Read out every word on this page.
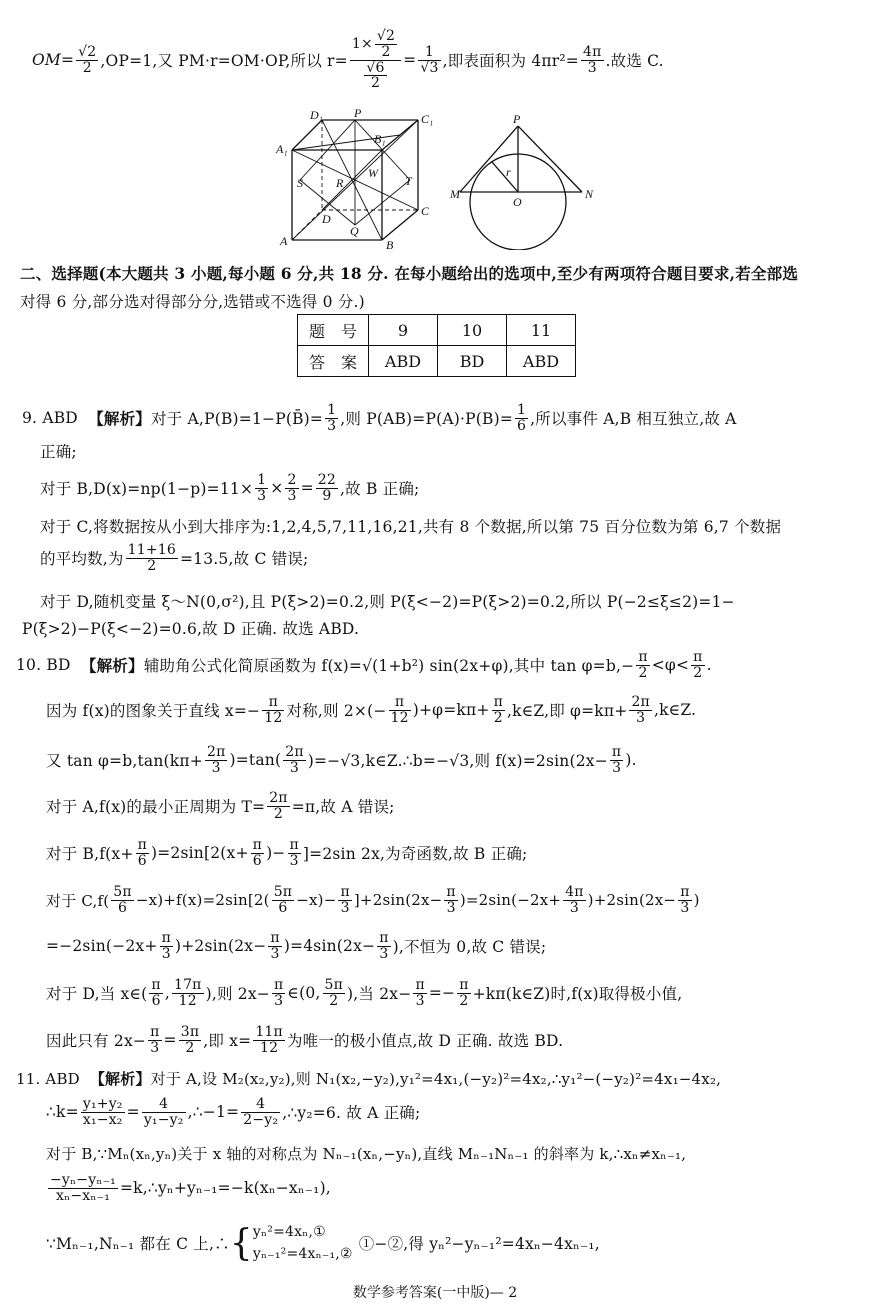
$OM= \frac{√2}{2} ,OP=1$,又 PM·r=OM·OP,所以 $r= \frac{1\times \frac{√2}{2}}{\frac{√6}{2}} = \frac{1}{√3}$ ,即表面积为 $4\pi r^2= \frac{4\pi}{3}$ .故选 C.
D₁	P	C₁
A₁
B₁
S	R
W
T
D
C
A
Q
B
P
r
M
O
N
二、选择题(本大题共 3 小题,每小题 6 分,共 18 分. 在每小题给出的选项中,至少有两项符合题目要求,若全部选
对得 6 分,部分选对得部分分,选错或不选得 0 分.)
题　号	9	10	11
答　案	ABD	BD	ABD
9. ABD
【解析】 对于 A,P(B)=1−P(B̄)= $\frac{1}{3}$ ,则 $P(AB)=P(A)\cdot P(B)= \frac{1}{6}$ ,所以事件 A,B 相互独立,故 A
正确;
对于 $B,D(x)=np(1-p)=11\times \frac{1}{3} \times \frac{2}{3} = \frac{22}{9}$ ,故 B 正确;
对于 C,将数据按从小到大排序为:1,2,4,5,7,11,16,21,共有 8 个数据,所以第 75 百分位数为第 6,7 个数据
的平均数,为 $\frac{11+16}{2} =13.5$,故 C 错误;
对于 D,随机变量 ξ～N(0,σ²),且 P(ξ>2)=0.2,则 P(ξ<−2)=P(ξ>2)=0.2,所以 P(−2≤ξ≤2)=1−
P(ξ>2)−P(ξ<−2)=0.6,故 D 正确. 故选 ABD.
10. BD
【解析】 辅助角公式化简原函数为 f(x)=√(1+b²) sin(2x+φ),其中 $\tan \varphi=b,- \frac{\pi}{2} <\varphi< \frac{\pi}{2}$ .
因为 f(x)的图象关于直线 $x=- \frac{\pi}{12}$ 对称,则 $2\times(- \frac{\pi}{12} )+\varphi=k\pi+ \frac{\pi}{2}$ ,k∈Z,即 $\varphi=k\pi+ \frac{2\pi}{3}$ ,k∈Z.
又 $\tan \varphi=b,\tan(k\pi+ \frac{2\pi}{3} )=\tan( \frac{2\pi}{3}$ )=−√3,k∈Z.∴b=−√3,则 $f(x)=2\sin(2x- \frac{\pi}{3}$ ).
对于 A,f(x)的最小正周期为 $T= \frac{2\pi}{2} =\pi$,故 A 错误;
对于 $B,f(x+ \frac{\pi}{6} )=2\sin[2(x+ \frac{\pi}{6}$ )− $\frac{\pi}{3} ]=2\sin$ 2x,为奇函数,故 B 正确;
对于 $C,f( \frac{5\pi}{6} -x)+f(x)=2\sin[2( \frac{5\pi}{6} -x)- \frac{\pi}{3} ]+2\sin(2x- \frac{\pi}{3} )=2\sin(-2x+ \frac{4\pi}{3} )+2\sin(2x- \frac{\pi}{3}$ )
$=-2\sin(-2x+ \frac{\pi}{3} )+2\sin(2x- \frac{\pi}{3} )=4\sin(2x- \frac{\pi}{3}$ ),不恒为 0,故 C 错误;
对于 D,当 x∈( $\frac{\pi}{6}$ , $\frac{17\pi}{12}$ ),则 $2x- \frac{\pi}{3}$ ∈(0, $\frac{5\pi}{2}$ ),当 $2x- \frac{\pi}{3} =- \frac{\pi}{2}$ +kπ(k∈Z)时,f(x)取得极小值,
因此只有 $2x- \frac{\pi}{3} = \frac{3\pi}{2}$ ,即 $x= \frac{11\pi}{12}$ 为唯一的极小值点,故 D 正确. 故选 BD.
11. ABD 【解析】对于 A,设 M₂(x₂,y₂),则 N₁(x₂,−y₂),y₁²=4x₁,(−y₂)²=4x₂,∴y₁²−(−y₂)²=4x₁−4x₂,
∴k= $\frac{\text{y₁+y₂}}{\text{x₁−x₂}} = \frac{4}{\text{y₁−y₂}}$ ,∴−1= $\frac{4}{\text{2−y₂}}$ ,∴y₂=6. 故 A 正确;
对于 B,∵Mₙ(xₙ,yₙ)关于 x 轴的对称点为 Nₙ₋₁(xₙ,−yₙ),直线 Mₙ₋₁Nₙ₋₁ 的斜率为 k,∴xₙ≠xₙ₋₁,
$\frac{\text{−yₙ−yₙ₋₁}}{\text{xₙ−xₙ₋₁}}$ =k,∴yₙ+yₙ₋₁=−k(xₙ−xₙ₋₁),
∵Mₙ₋₁,Nₙ₋₁ 都在 C 上,∴ { yₙ²=4xₙ,①
yₙ₋₁²=4xₙ₋₁,②
①−②,得 yₙ²−yₙ₋₁²=4xₙ−4xₙ₋₁,
数学参考答案(一中版)— 2
